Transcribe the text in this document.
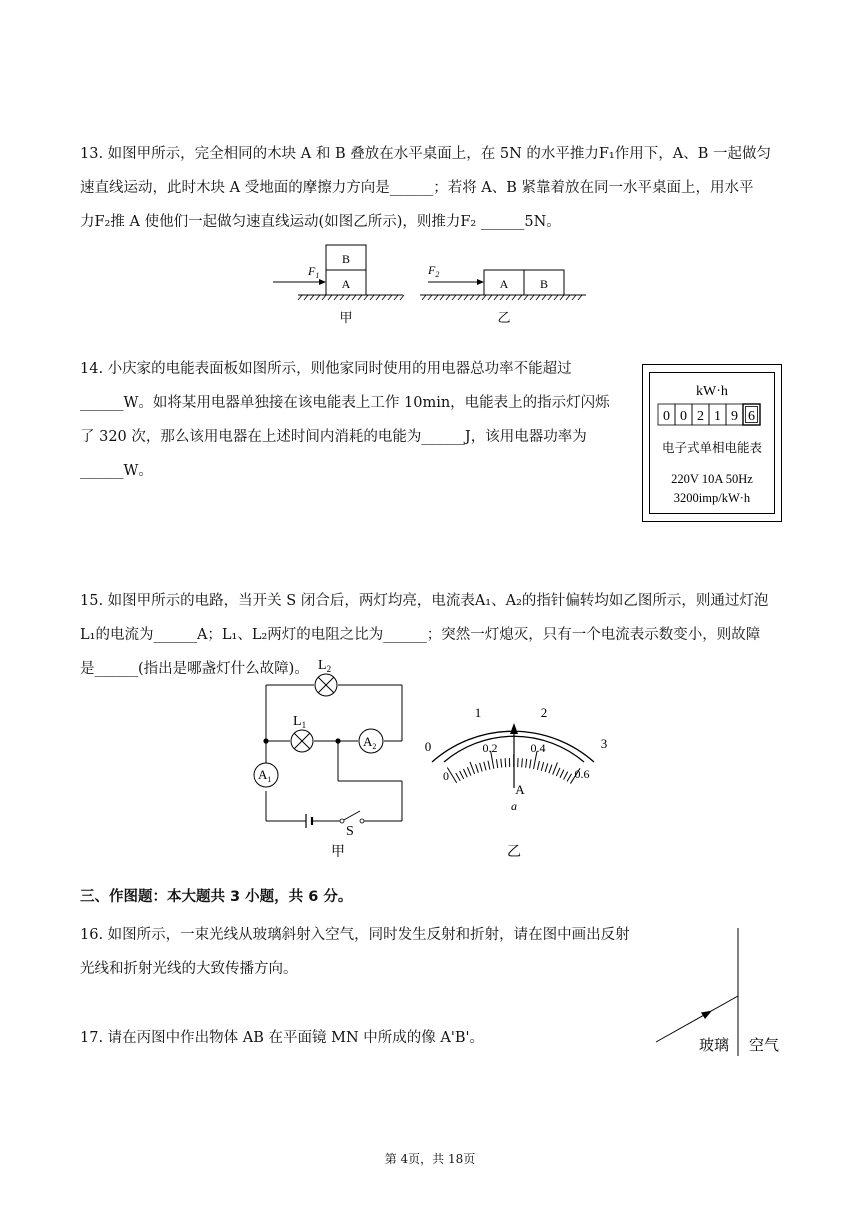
13. 如图甲所示，完全相同的木块 A 和 B 叠放在水平桌面上，在 5N 的水平推力F₁作用下，A、B 一起做匀
速直线运动，此时木块 A 受地面的摩擦力方向是______；若将 A、B 紧靠着放在同一水平桌面上，用水平
力F₂推 A 使他们一起做匀速直线运动(如图乙所示)，则推力F₂ ______5N。
B
A
$F_1$
甲
A	B
$F_2$
乙
14. 小庆家的电能表面板如图所示，则他家同时使用的用电器总功率不能超过
______W。如将某用电器单独接在该电能表上工作 10min，电能表上的指示灯闪烁
了 320 次，那么该用电器在上述时间内消耗的电能为______J，该用电器功率为
______W。
kW·h
0 0 2 1 9 6
电子式单相电能表
220V 10A 50Hz
3200imp/kW·h
15. 如图甲所示的电路，当开关 S 闭合后，两灯均亮，电流表A₁、A₂的指针偏转均如乙图所示，则通过灯泡
L₁的电流为______A；L₁、L₂两灯的电阻之比为______；突然一灯熄灭，只有一个电流表示数变小，则故障
是______(指出是哪盏灯什么故障)。 $L_2$
$L_1$
$A_2$
$A_1$
S
甲
0
1	2
3
0
0.2	0.4
0.6
A
a
乙
三、作图题：本大题共 3 小题，共 6 分。
16. 如图所示，一束光线从玻璃斜射入空气，同时发生反射和折射，请在图中画出反射
光线和折射光线的大致传播方向。
玻璃 空气
17. 请在丙图中作出物体 AB 在平面镜 MN 中所成的像 A'B'。
第 4页，共 18页
